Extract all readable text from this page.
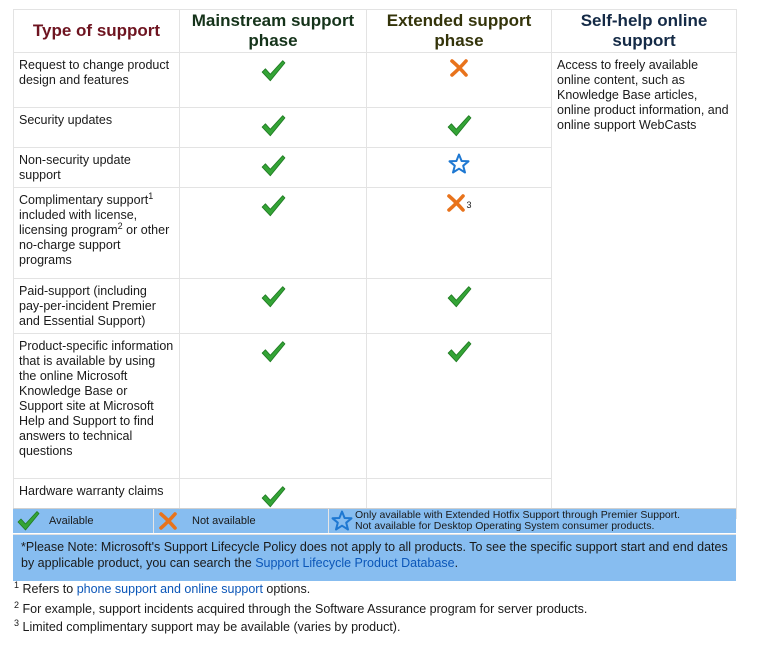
Type of support	Mainstream support phase	Extended support phase	Self-help online support
Request to change product design and features			Access to freely available online content, such as Knowledge Base articles, online product information, and online support WebCasts
Security updates		
Non-security update support		
Complimentary support$^1$ included with license, licensing program$^2$ or other no-charge support programs		$^3$
Paid-support (including pay-per-incident Premier and Essential Support)		
Product-specific information that is available by using the online Microsoft Knowledge Base or Support site at Microsoft Help and Support to find answers to technical questions		
Hardware warranty claims		
Available	Not available	Only available with Extended Hotfix Support through Premier Support.
Not available for Desktop Operating System consumer products.
*Please Note: Microsoft's Support Lifecycle Policy does not apply to all products. To see the specific support start and end dates by applicable product, you can search the Support Lifecycle Product Database.
$^1$ Refers to phone support and online support options.
$^2$ For example, support incidents acquired through the Software Assurance program for server products.
$^3$ Limited complimentary support may be available (varies by product).
